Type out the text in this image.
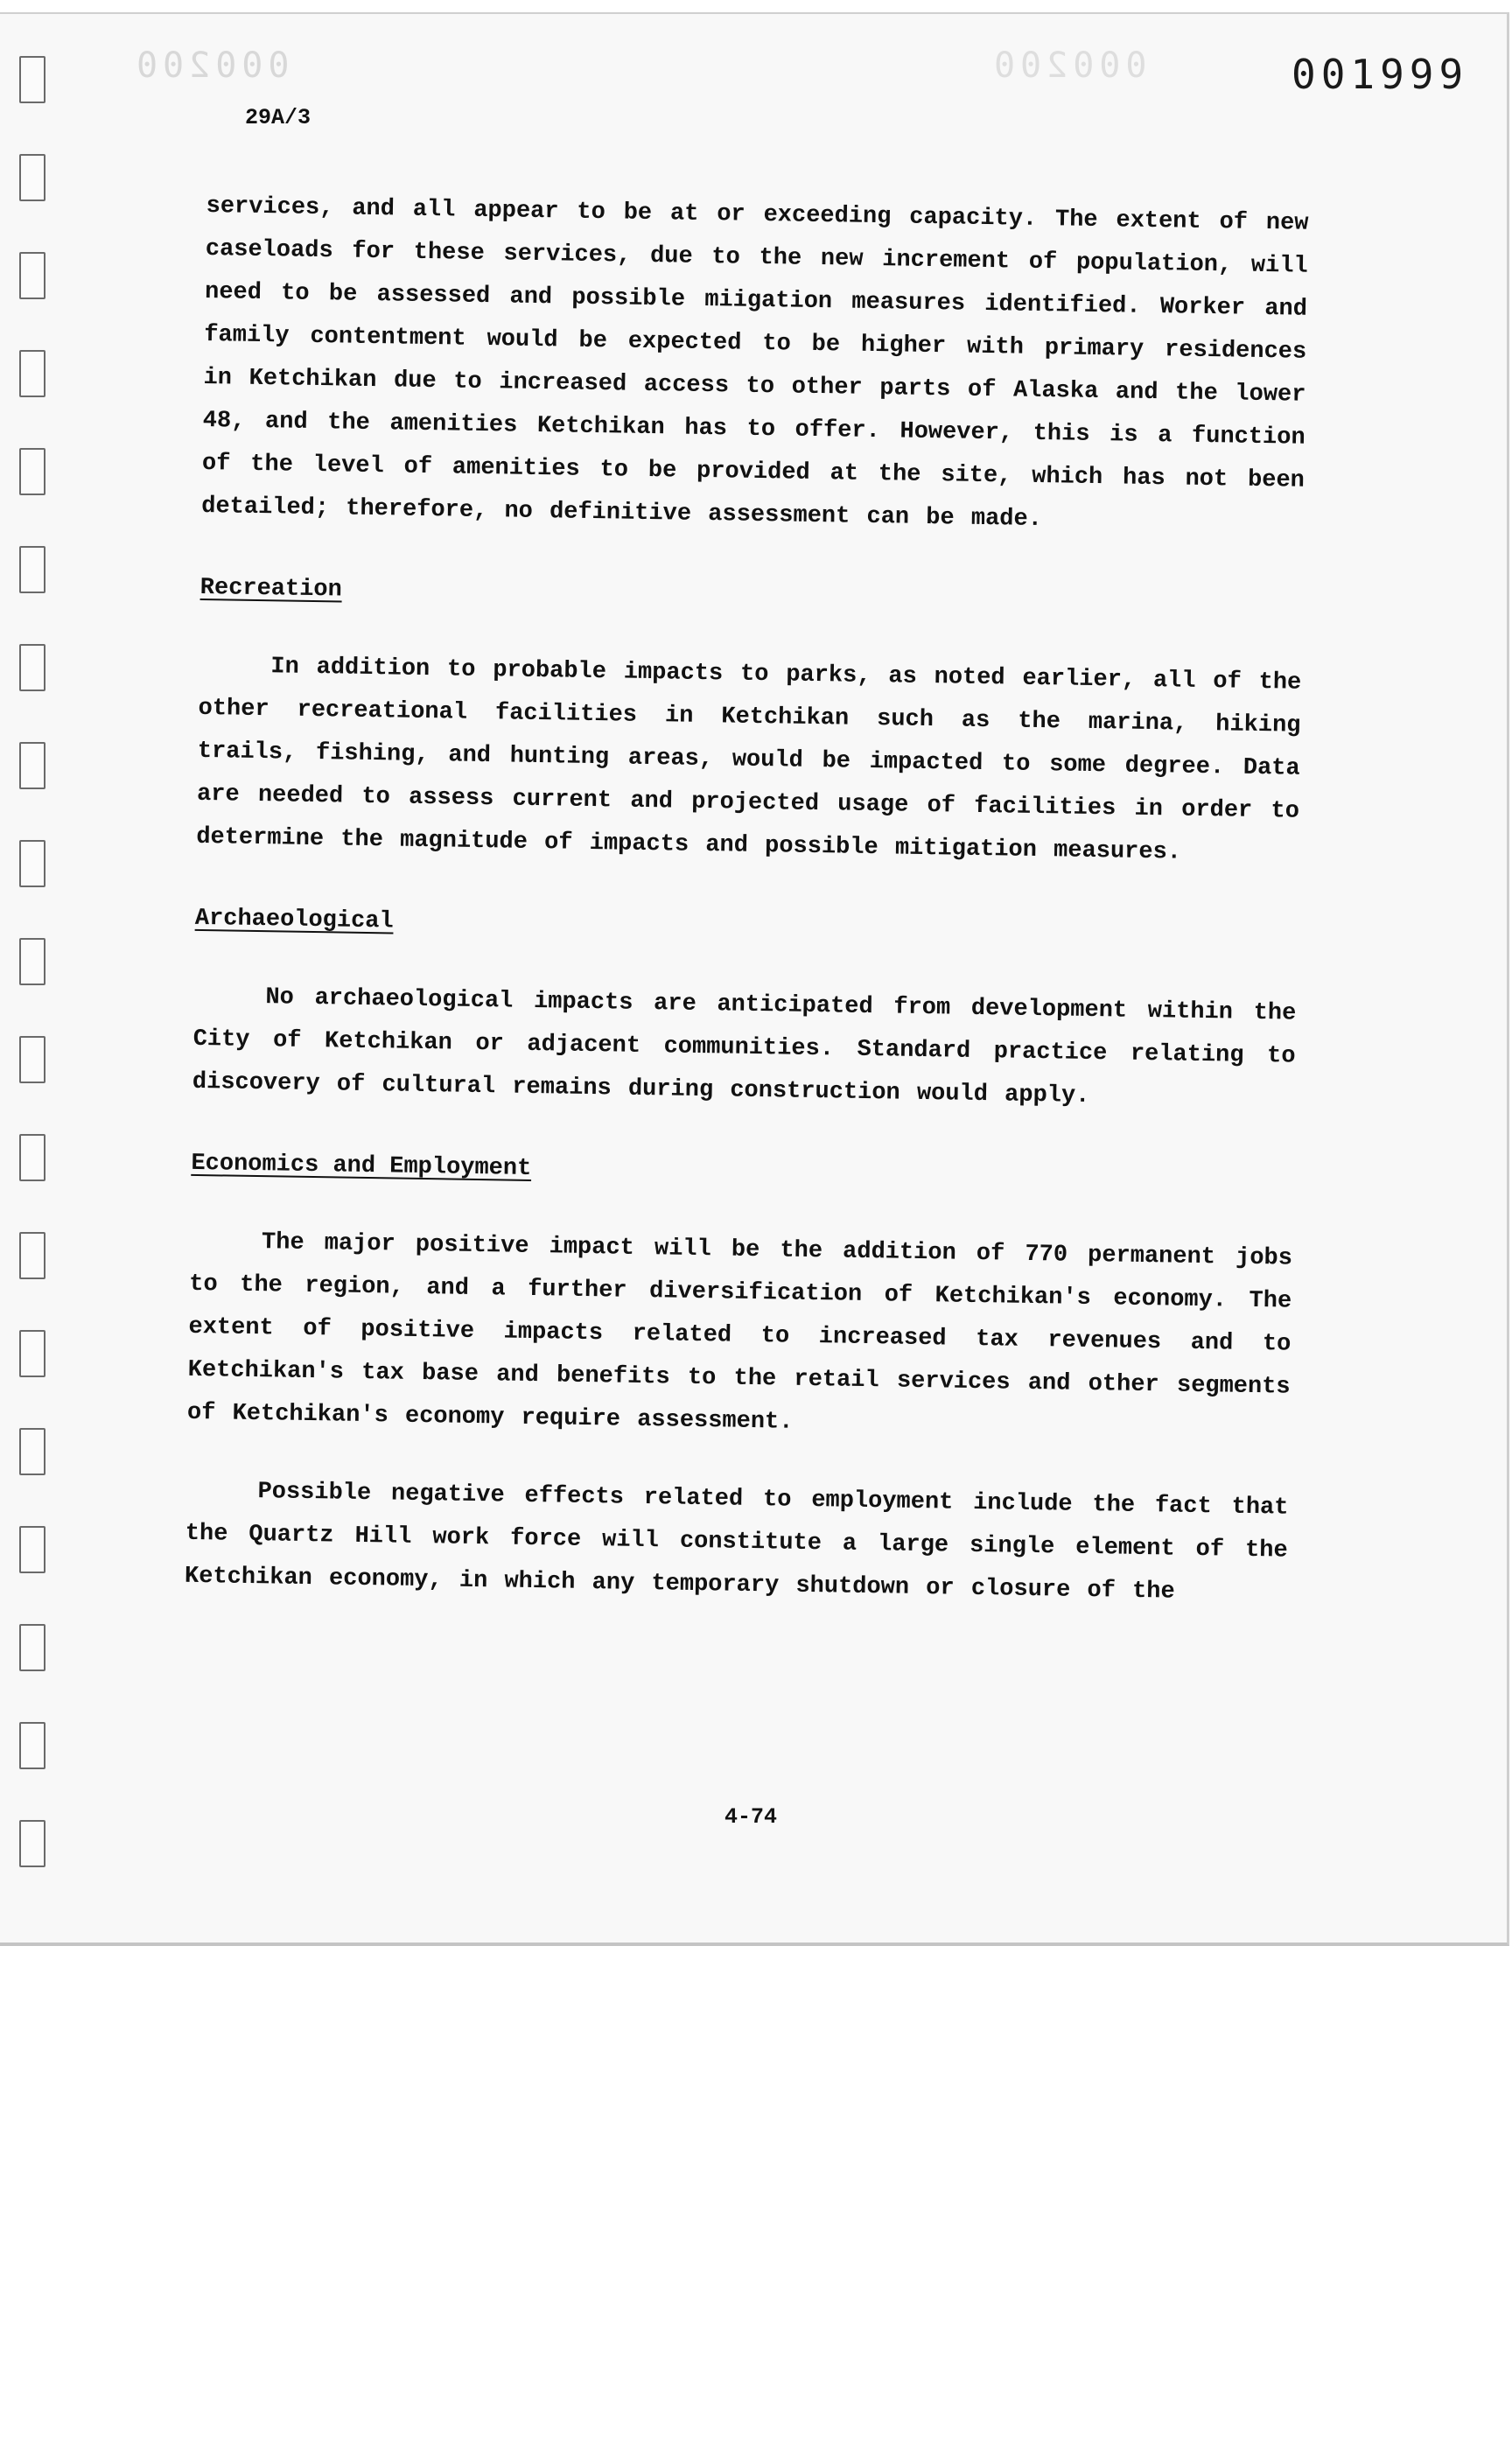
000200	000200	001999
29A/3

services, and all appear to be at or exceeding capacity. The extent of new caseloads for these services, due to the new increment of population, will need to be assessed and possible miigation measures identified. Worker and family contentment would be expected to be higher with primary residences in Ketchikan due to increased access to other parts of Alaska and the lower 48, and the amenities Ketchikan has to offer. However, this is a function of the level of amenities to be provided at the site, which has not been detailed; therefore, no definitive assessment can be made.

Recreation

In addition to probable impacts to parks, as noted earlier, all of the other recreational facilities in Ketchikan such as the marina, hiking trails, fishing, and hunting areas, would be impacted to some degree. Data are needed to assess current and projected usage of facilities in order to determine the magnitude of impacts and possible mitigation measures.

Archaeological

No archaeological impacts are anticipated from development within the City of Ketchikan or adjacent communities. Standard practice relating to discovery of cultural remains during construction would apply.

Economics and Employment

The major positive impact will be the addition of 770 permanent jobs to the region, and a further diversification of Ketchikan's economy. The extent of positive impacts related to increased tax revenues and to Ketchikan's tax base and benefits to the retail services and other segments of Ketchikan's economy require assessment.

Possible negative effects related to employment include the fact that the Quartz Hill work force will constitute a large single element of the Ketchikan economy, in which any temporary shutdown or closure of the

4-74
